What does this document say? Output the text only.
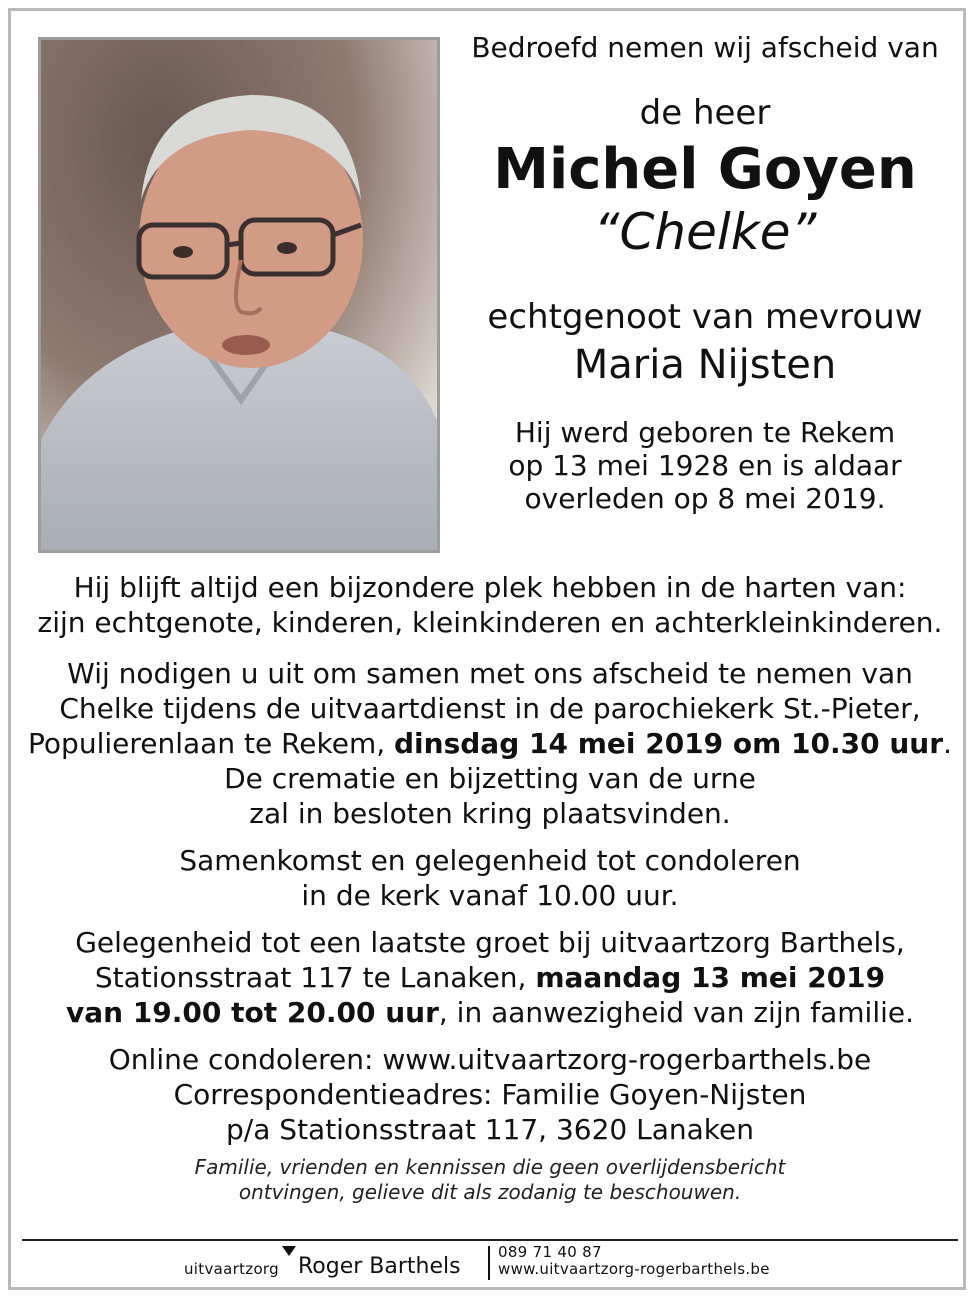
Bedroefd nemen wij afscheid van
de heer
Michel Goyen
“Chelke”
echtgenoot van mevrouw
Maria Nijsten
Hij werd geboren te Rekem
op 13 mei 1928 en is aldaar
overleden op 8 mei 2019.

Hij blijft altijd een bijzondere plek hebben in de harten van:

zijn echtgenote, kinderen, kleinkinderen en achterkleinkinderen.

Wij nodigen u uit om samen met ons afscheid te nemen van

Chelke tijdens de uitvaartdienst in de parochiekerk St.-Pieter,

Populierenlaan te Rekem, dinsdag 14 mei 2019 om 10.30 uur.

De crematie en bijzetting van de urne

zal in besloten kring plaatsvinden.

Samenkomst en gelegenheid tot condoleren

in de kerk vanaf 10.00 uur.

Gelegenheid tot een laatste groet bij uitvaartzorg Barthels,

Stationsstraat 117 te Lanaken, maandag 13 mei 2019

van 19.00 tot 20.00 uur, in aanwezigheid van zijn familie.

Online condoleren: www.uitvaartzorg-rogerbarthels.be

Correspondentieadres: Familie Goyen-Nijsten

p/a Stationsstraat 117, 3620 Lanaken

Familie, vrienden en kennissen die geen overlijdensbericht
ontvingen, gelieve dit als zodanig te beschouwen.
uitvaartzorg Roger Barthels
089 71 40 87
www.uitvaartzorg-rogerbarthels.be
